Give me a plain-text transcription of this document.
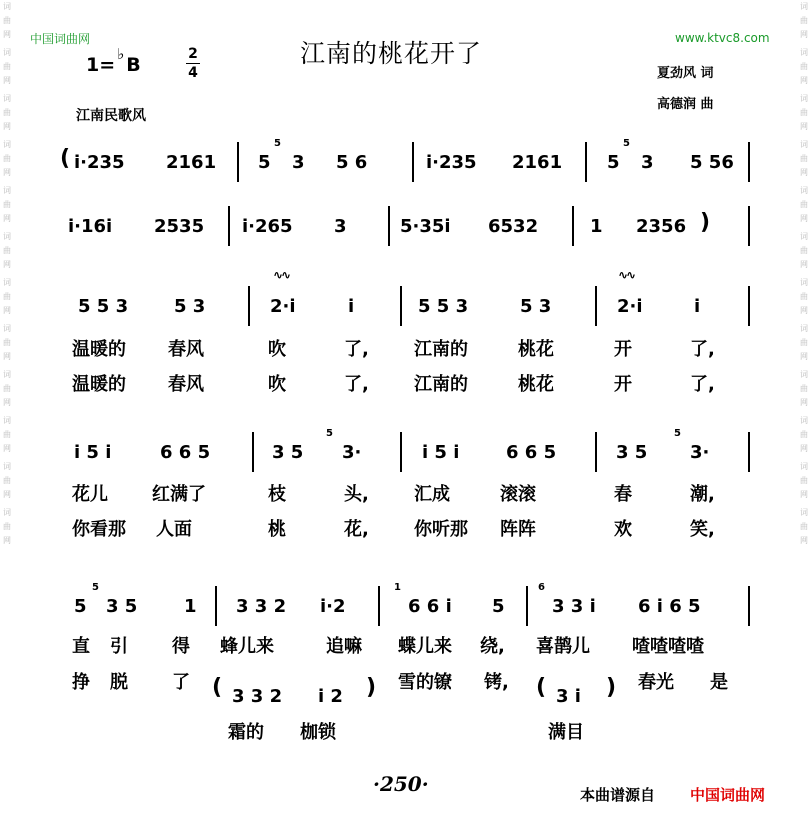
词曲网
词曲网
词曲网
词曲网
词曲网
词曲网
词曲网
词曲网
词曲网
词曲网
词曲网
词曲网
词曲网
词曲网
词曲网
词曲网
词曲网
词曲网
词曲网
词曲网
词曲网
词曲网
词曲网
词曲网
中国词曲网	www.ktvc8.com
江南的桃花开了
1= ♭ B	2
4	夏劲风 词
高德润 曲
江南民歌风
( i·235 2161 5
5
3 5 6	i·235 2161 5
5
3 5 56
i·16i 2535 i·265 3	5·35i 6532	1 2356 )
5 5 3	5 3
∿∿
2·i	i	5 5 3	5 3
∿∿
2·i	i
温暖的 春风	吹	了,	江南的	桃花	开	了,
温暖的 春风	吹	了,	江南的	桃花	开	了,
i 5 i	6 6 5	3 5
5
3·	i 5 i	6 6 5	3 5
5
3·
花儿 红满了	枝	头,	汇成	滚滚	春	潮,
你看那 人面	桃	花,	你听那 阵阵	欢	笑,
5
5
3 5	1 3 3 2 i·2
1
6 6 i 5
6
3 3 i 6 i 6 5
直 引 得 蜂儿来	追嘛 蝶儿来 绕, 喜鹊儿 喳喳喳喳
挣 脱 了	雪的镣 铐,	春光 是
( 3 3 2 i 2 )	( 3 i )
霜的 枷锁	满目
·250·	本曲谱源自 中国词曲网
